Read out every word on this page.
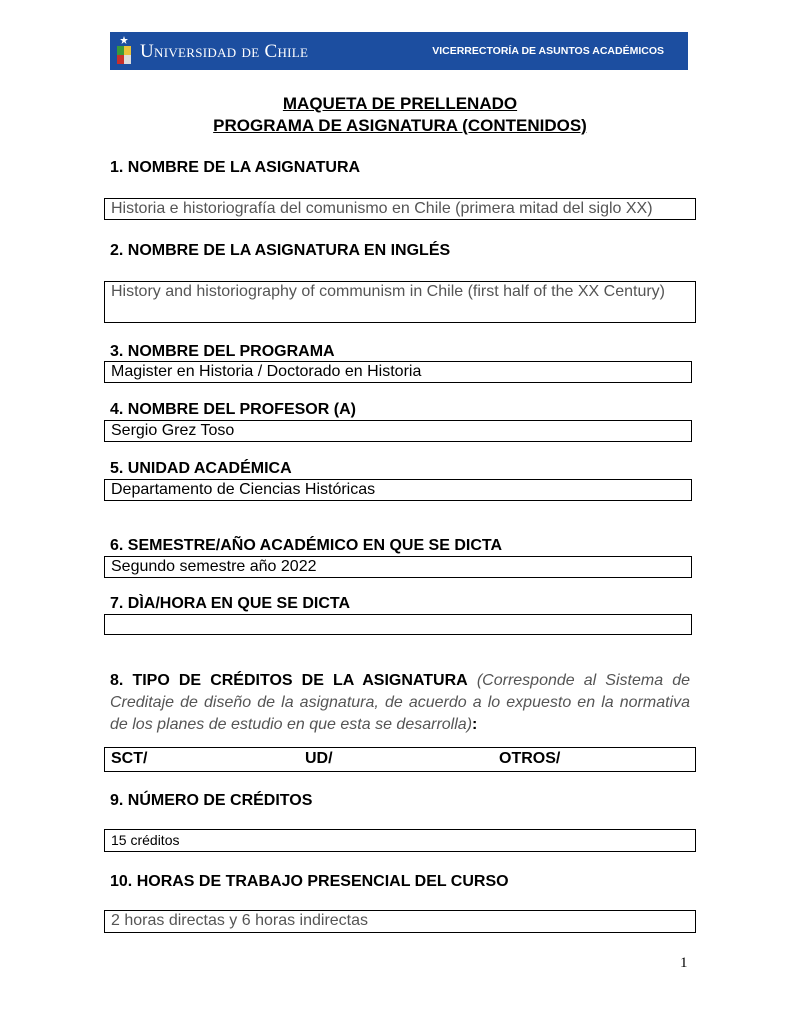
Universidad de Chile	VICERRECTORÍA DE ASUNTOS ACADÉMICOS
MAQUETA DE PRELLENADO
PROGRAMA DE ASIGNATURA (CONTENIDOS)
1. NOMBRE DE LA ASIGNATURA
Historia e historiografía del comunismo en Chile (primera mitad del siglo XX)
2. NOMBRE DE LA ASIGNATURA EN INGLÉS
History and historiography of communism in Chile (first half of the XX Century)
3. NOMBRE DEL PROGRAMA
Magister en Historia / Doctorado en Historia
4. NOMBRE DEL PROFESOR (A)
Sergio Grez Toso
5. UNIDAD ACADÉMICA
Departamento de Ciencias Históricas
6. SEMESTRE/AÑO ACADÉMICO EN QUE SE DICTA
Segundo semestre año 2022
7. DÌA/HORA EN QUE SE DICTA
8. TIPO DE CRÉDITOS DE LA ASIGNATURA (Corresponde al Sistema de Creditaje de diseño de la asignatura, de acuerdo a lo expuesto en la normativa de los planes de estudio en que esta se desarrolla):
SCT/	UD/	OTROS/
9. NÚMERO DE CRÉDITOS
15 créditos
10. HORAS DE TRABAJO PRESENCIAL DEL CURSO
2 horas directas y 6 horas indirectas
1
